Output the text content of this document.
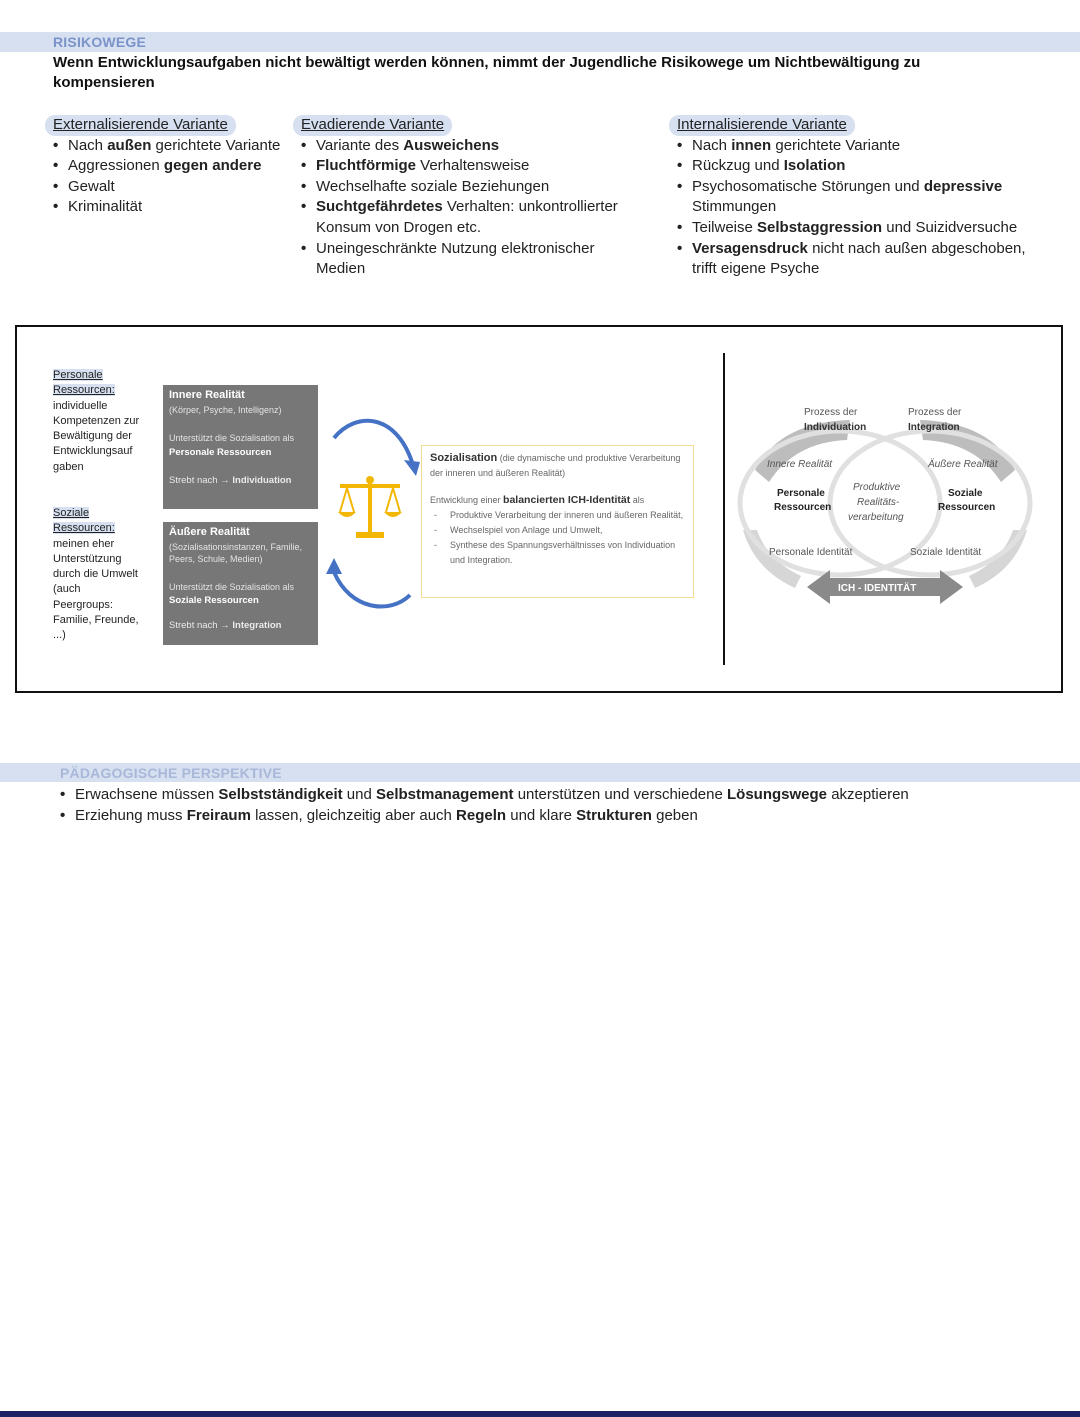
RISIKOWEGE
Wenn Entwicklungsaufgaben nicht bewältigt werden können, nimmt der Jugendliche Risikowege um Nichtbewältigung zu kompensieren
Externalisierende Variante
• Nach außen gerichtete Variante
• Aggressionen gegen andere
• Gewalt
• Kriminalität
Evadierende Variante
• Variante des Ausweichens
• Fluchtförmige Verhaltensweise
• Wechselhafte soziale Beziehungen
• Suchtgefährdetes Verhalten: unkontrollierter Konsum von Drogen etc.
• Uneingeschränkte Nutzung elektronischer Medien
Internalisierende Variante
• Nach innen gerichtete Variante
• Rückzug und Isolation
• Psychosomatische Störungen und depressive Stimmungen
• Teilweise Selbstaggression und Suizidversuche
• Versagensdruck nicht nach außen abgeschoben, trifft eigene Psyche
Personale
Ressourcen:
individuelle Kompetenzen zur Bewältigung der Entwicklungsauf gaben
Soziale
Ressourcen:
meinen eher Unterstützung durch die Umwelt (auch Peergroups: Familie, Freunde, ...)
Innere Realität
(Körper, Psyche, Intelligenz)
Unterstützt die Sozialisation als
Personale Ressourcen
Strebt nach → Individuation
Äußere Realität
(Sozialisationsinstanzen, Familie, Peers, Schule, Medien)
Unterstützt die Sozialisation als
Soziale Ressourcen
Strebt nach → Integration
Sozialisation (die dynamische und produktive Verarbeitung der inneren und äußeren Realität)
Entwicklung einer balancierten ICH-Identität als
- Produktive Verarbeitung der inneren und äußeren Realität,
- Wechselspiel von Anlage und Umwelt,
- Synthese des Spannungsverhältnisses von Individuation und Integration.
Prozess der
Individuation
Prozess der
Integration
Innere Realität	Äußere Realität
Personale
Ressourcen
Soziale
Ressourcen
Produktive
Realitäts-
verarbeitung
Personale Identität	Soziale Identität
ICH - IDENTITÄT
PÄDAGOGISCHE PERSPEKTIVE
• Erwachsene müssen Selbstständigkeit und Selbstmanagement unterstützen und verschiedene Lösungswege akzeptieren
• Erziehung muss Freiraum lassen, gleichzeitig aber auch Regeln und klare Strukturen geben
